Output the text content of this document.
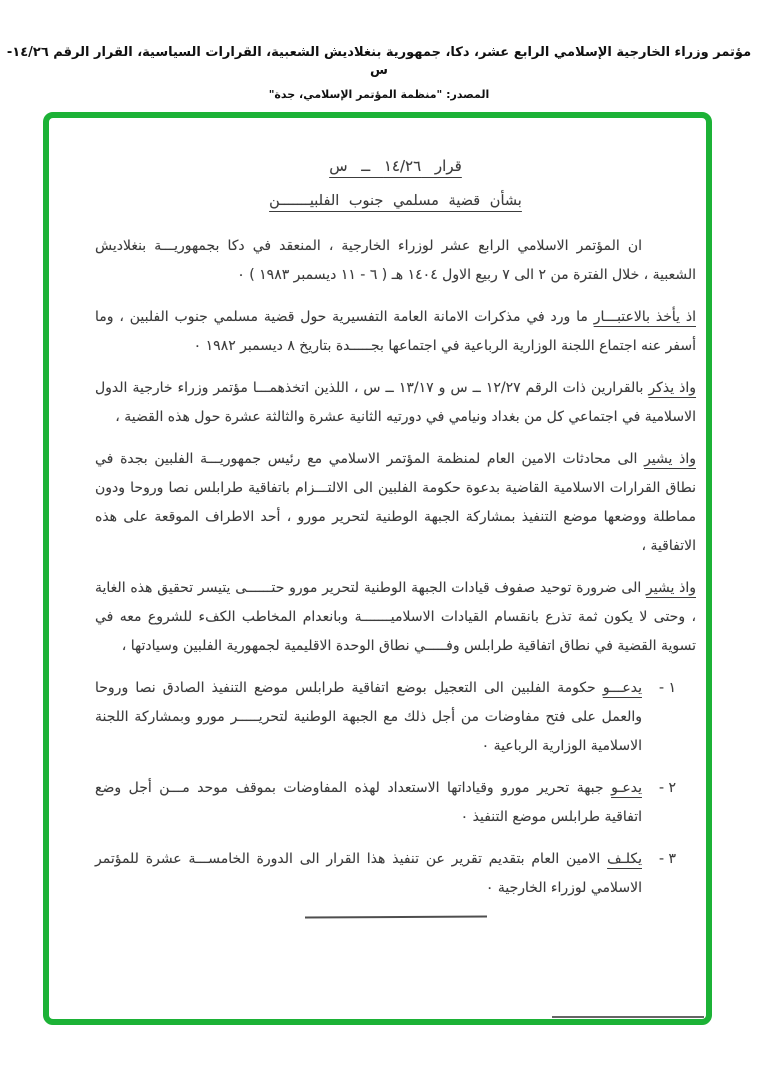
مؤتمر وزراء الخارجية الإسلامي الرابع عشر، دكا، جمهورية بنغلاديش الشعبية، القرارات السياسية، القرار الرقم ١٤/٢٦- س
المصدر: "منظمة المؤتمر الإسلامي، جدة"
قرار ١٤/٢٦ ــ س
بشأن قضية مسلمي جنوب الفلبيـــــــن

ان المؤتمر الاسلامي الرابع عشر لوزراء الخارجية ، المنعقد في دكا بجمهوريـــة بنغلاديش الشعبية ، خلال الفترة من ٢ الى ٧ ربيع الاول ١٤٠٤ هـ ( ٦ - ١١ ديسمبر ١٩٨٣ ) ٠

اذ يأخذ بالاعتبـــار ما ورد في مذكرات الامانة العامة التفسيرية حول قضية مسلمي جنوب الفلبين ، وما أسفر عنه اجتماع اللجنة الوزارية الرباعية في اجتماعها بجـــــدة بتاريخ ٨ ديسمبر ١٩٨٢ ٠

واذ يذكر بالقرارين ذات الرقم ١٢/٢٧ ــ س و ١٣/١٧ ــ س ، اللذين اتخذهمـــا مؤتمر وزراء خارجية الدول الاسلامية في اجتماعي كل من بغداد ونيامي في دورتيه الثانية عشرة والثالثة عشرة حول هذه القضية ،

واذ يشير الى محادثات الامين العام لمنظمة المؤتمر الاسلامي مع رئيس جمهوريـــة الفلبين بجدة في نطاق القرارات الاسلامية القاضية بدعوة حكومة الفلبين الى الالتـــزام باتفاقية طرابلس نصا وروحا ودون مماطلة ووضعها موضع التنفيذ بمشاركة الجبهة الوطنية لتحرير مورو ، أحد الاطراف الموقعة على هذه الاتفاقية ،

واذ يشير الى ضرورة توحيد صفوف قيادات الجبهة الوطنية لتحرير مورو حتــــــى يتيسر تحقيق هذه الغاية ، وحتى لا يكون ثمة تذرع بانقسام القيادات الاسلاميـــــــة وبانعدام المخاطب الكفء للشروع معه في تسوية القضية في نطاق اتفاقية طرابلس وفـــــي نطاق الوحدة الاقليمية لجمهورية الفلبين وسيادتها ،

١ -

يدعـــو حكومة الفلبين الى التعجيل بوضع اتفاقية طرابلس موضع التنفيذ الصادق نصا وروحا والعمل على فتح مفاوضات من أجل ذلك مع الجبهة الوطنية لتحريـــــر مورو وبمشاركة اللجنة الاسلامية الوزارية الرباعية ٠

٢ -

يدعـو جبهة تحرير مورو وقياداتها الاستعداد لهذه المفاوضات بموقف موحد مـــن أجل وضع اتفاقية طرابلس موضع التنفيذ ٠

٣ -

يكلـف الامين العام بتقديم تقرير عن تنفيذ هذا القرار الى الدورة الخامســـة عشرة للمؤتمر الاسلامي لوزراء الخارجية ٠
